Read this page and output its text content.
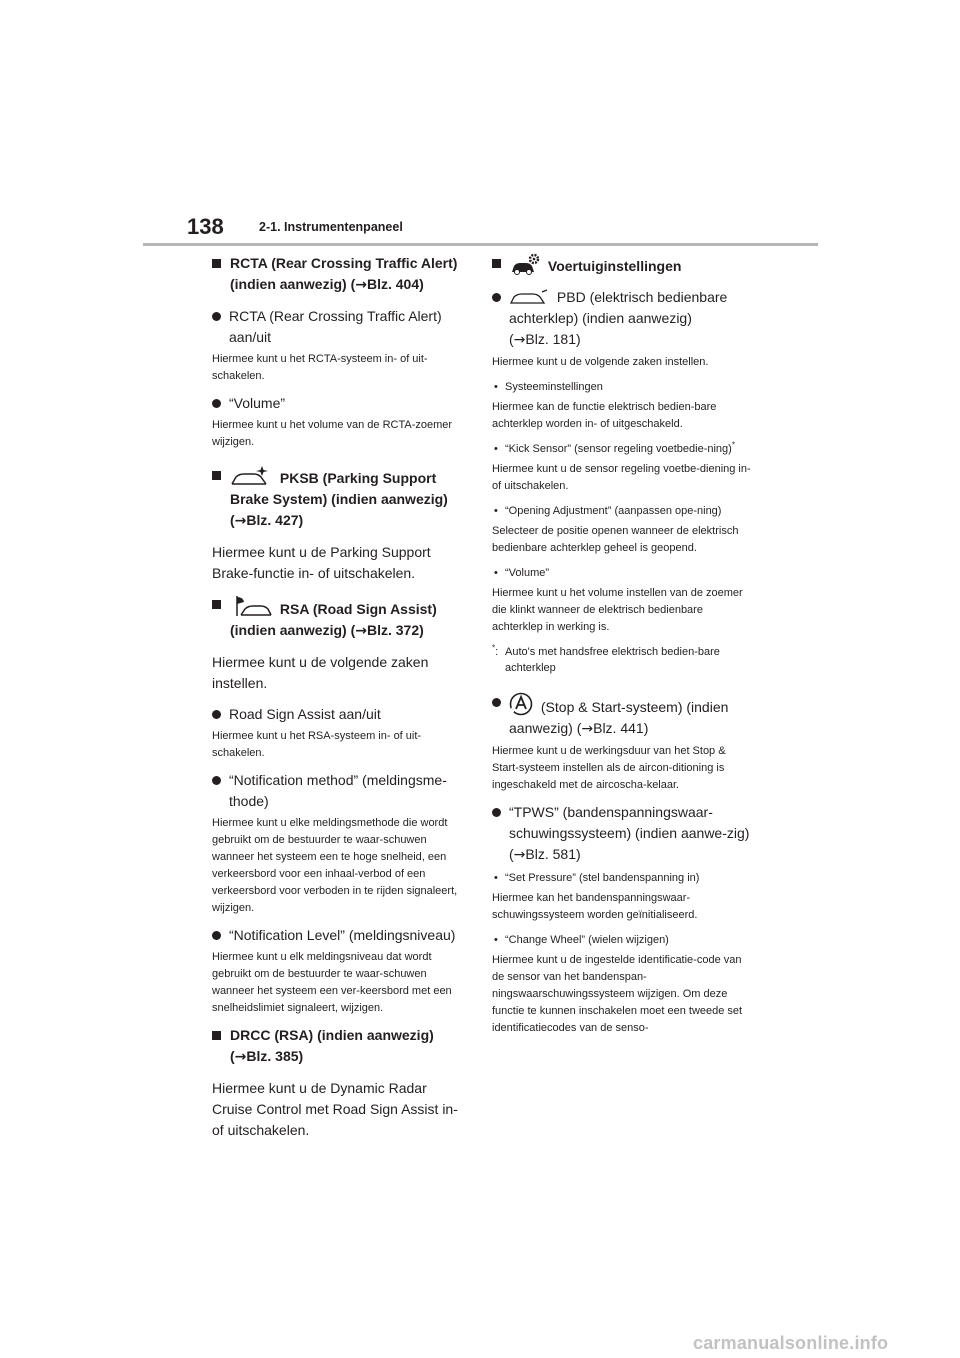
138	2-1. Instrumentenpaneel
RCTA (Rear Crossing Traffic Alert)
(indien aanwezig) (→Blz. 404)
RCTA (Rear Crossing Traffic Alert) aan/uit
Hiermee kunt u het RCTA-systeem in- of uit-schakelen.
“Volume”
Hiermee kunt u het volume van de RCTA-zoemer wijzigen.
PKSB (Parking Support
Brake System) (indien aanwezig)
(→Blz. 427)
Hiermee kunt u de Parking Support Brake-functie in- of uitschakelen.
RSA (Road Sign Assist)
(indien aanwezig) (→Blz. 372)
Hiermee kunt u de volgende zaken instellen.
Road Sign Assist aan/uit
Hiermee kunt u het RSA-systeem in- of uit-schakelen.
“Notification method” (meldingsme-thode)
Hiermee kunt u elke meldingsmethode die wordt gebruikt om de bestuurder te waar-schuwen wanneer het systeem een te hoge snelheid, een verkeersbord voor een inhaal-verbod of een verkeersbord voor verboden in te rijden signaleert, wijzigen.
“Notification Level” (meldingsniveau)
Hiermee kunt u elk meldingsniveau dat wordt gebruikt om de bestuurder te waar-schuwen wanneer het systeem een ver-keersbord met een snelheidslimiet signaleert, wijzigen.
DRCC (RSA) (indien aanwezig)
(→Blz. 385)
Hiermee kunt u de Dynamic Radar Cruise Control met Road Sign Assist in- of uitschakelen.
Voertuiginstellingen
PBD (elektrisch bedienbare achterklep) (indien aanwezig)
(→Blz. 181)
Hiermee kunt u de volgende zaken instellen.
• Systeeminstellingen
Hiermee kan de functie elektrisch bedien-bare achterklep worden in- of uitgeschakeld.
• “Kick Sensor” (sensor regeling voetbedie-ning)*
Hiermee kunt u de sensor regeling voetbe-diening in- of uitschakelen.
• “Opening Adjustment” (aanpassen ope-ning)
Selecteer de positie openen wanneer de elektrisch bedienbare achterklep geheel is geopend.
• “Volume”
Hiermee kunt u het volume instellen van de zoemer die klinkt wanneer de elektrisch bedienbare achterklep in werking is.
*: Auto's met handsfree elektrisch bedien-bare achterklep
(Stop & Start-systeem) (indien aanwezig) (→Blz. 441)
Hiermee kunt u de werkingsduur van het Stop & Start-systeem instellen als de aircon-ditioning is ingeschakeld met de aircoscha-kelaar.
“TPWS” (bandenspanningswaar-schuwingssysteem) (indien aanwe-zig) (→Blz. 581)
• “Set Pressure” (stel bandenspanning in)
Hiermee kan het bandenspanningswaar-schuwingssysteem worden geïnitialiseerd.
• “Change Wheel” (wielen wijzigen)
Hiermee kunt u de ingestelde identificatie-code van de sensor van het bandenspan-ningswaarschuwingssysteem wijzigen. Om deze functie te kunnen inschakelen moet een tweede set identificatiecodes van de senso-
carmanualsonline.info
